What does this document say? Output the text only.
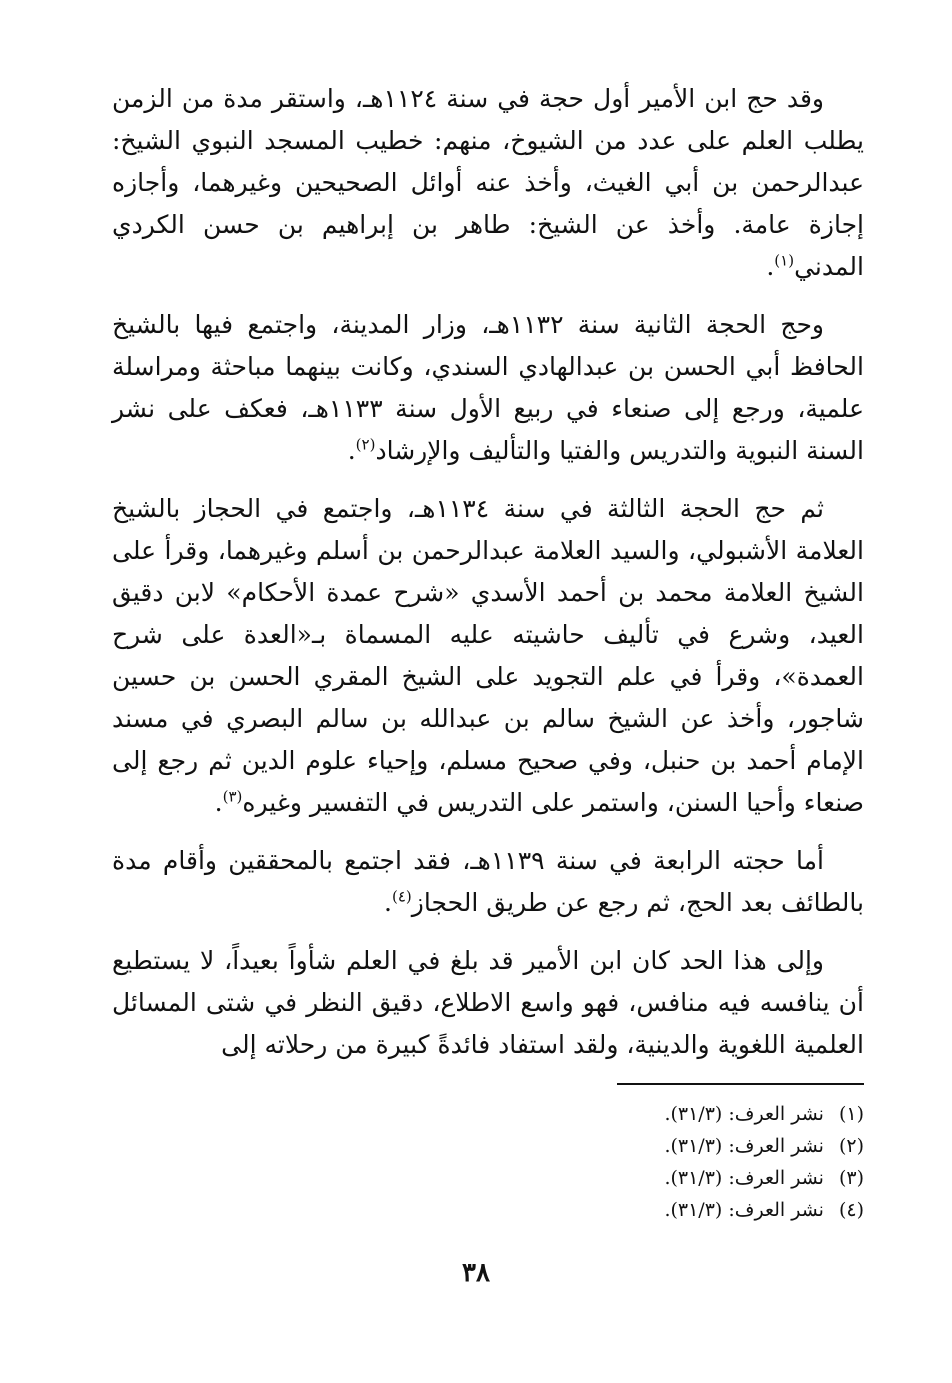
وقد حج ابن الأمير أول حجة في سنة ١١٢٤هـ، واستقر مدة من الزمن يطلب العلم على عدد من الشيوخ، منهم: خطيب المسجد النبوي الشيخ: عبدالرحمن بن أبي الغيث، وأخذ عنه أوائل الصحيحين وغيرهما، وأجازه إجازة عامة. وأخذ عن الشيخ: طاهر بن إبراهيم بن حسن الكردي المدني$^{(١)}$.

وحج الحجة الثانية سنة ١١٣٢هـ، وزار المدينة، واجتمع فيها بالشيخ الحافظ أبي الحسن بن عبدالهادي السندي، وكانت بينهما مباحثة ومراسلة علمية، ورجع إلى صنعاء في ربيع الأول سنة ١١٣٣هـ، فعكف على نشر السنة النبوية والتدريس والفتيا والتأليف والإرشاد$^{(٢)}$.

ثم حج الحجة الثالثة في سنة ١١٣٤هـ، واجتمع في الحجاز بالشيخ العلامة الأشبولي، والسيد العلامة عبدالرحمن بن أسلم وغيرهما، وقرأ على الشيخ العلامة محمد بن أحمد الأسدي «شرح عمدة الأحكام» لابن دقيق العيد، وشرع في تأليف حاشيته عليه المسماة بـ«العدة على شرح العمدة»، وقرأ في علم التجويد على الشيخ المقري الحسن بن حسين شاجور، وأخذ عن الشيخ سالم بن عبدالله بن سالم البصري في مسند الإمام أحمد بن حنبل، وفي صحيح مسلم، وإحياء علوم الدين ثم رجع إلى صنعاء وأحيا السنن، واستمر على التدريس في التفسير وغيره$^{(٣)}$.

أما حجته الرابعة في سنة ١١٣٩هـ، فقد اجتمع بالمحققين وأقام مدة بالطائف بعد الحج، ثم رجع عن طريق الحجاز$^{(٤)}$.

وإلى هذا الحد كان ابن الأمير قد بلغ في العلم شأواً بعيداً، لا يستطيع أن ينافسه فيه منافس، فهو واسع الاطلاع، دقيق النظر في شتى المسائل العلمية اللغوية والدينية، ولقد استفاد فائدةً كبيرة من رحلاته إلى

(١) نشر العرف: (٣١/٣).

(٢) نشر العرف: (٣١/٣).

(٣) نشر العرف: (٣١/٣).

(٤) نشر العرف: (٣١/٣).

٣٨
